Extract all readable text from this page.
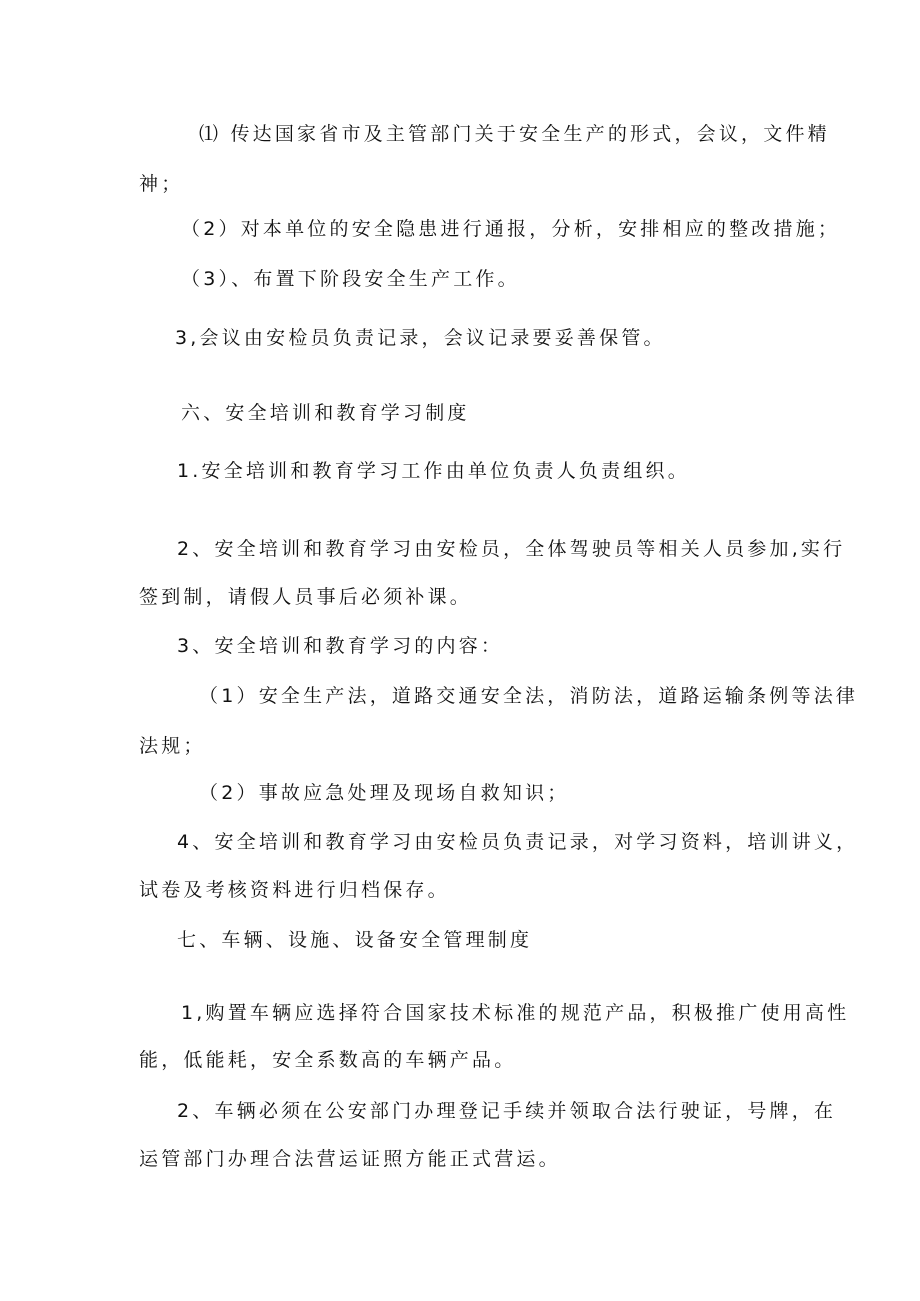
⑴ 传达国家省市及主管部门关于安全生产的形式，会议，文件精
神；
（2）对本单位的安全隐患进行通报，分析，安排相应的整改措施；
（3）、布置下阶段安全生产工作。
3,会议由安检员负责记录，会议记录要妥善保管。
六、安全培训和教育学习制度
1.安全培训和教育学习工作由单位负责人负责组织。
2、安全培训和教育学习由安检员，全体驾驶员等相关人员参加,实行
签到制，请假人员事后必须补课。
3、安全培训和教育学习的内容：
（1）安全生产法，道路交通安全法，消防法，道路运输条例等法律
法规；
（2）事故应急处理及现场自救知识；
4、安全培训和教育学习由安检员负责记录，对学习资料，培训讲义，
试卷及考核资料进行归档保存。
七、车辆、设施、设备安全管理制度
1,购置车辆应选择符合国家技术标准的规范产品，积极推广使用高性
能，低能耗，安全系数高的车辆产品。
2、车辆必须在公安部门办理登记手续并领取合法行驶证，号牌，在
运管部门办理合法营运证照方能正式营运。
